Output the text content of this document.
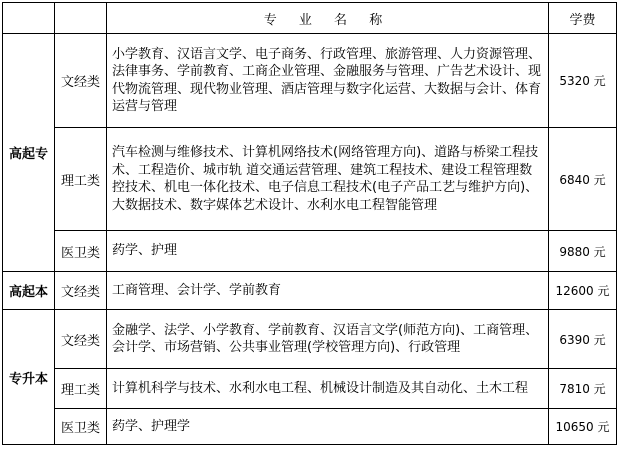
		专 业 名 称	学费
高起专	文经类	小学教育、汉语言文学、电子商务、行政管理、旅游管理、人力资源管理、法律事务、学前教育、工商企业管理、金融服务与管理、广告艺术设计、现代物流管理、现代物业管理、酒店管理与数字化运营、大数据与会计、体育运营与管理	5320 元
	理工类	汽车检测与维修技术、计算机网络技术(网络管理方向)、道路与桥梁工程技术、工程造价、城市轨 道交通运营管理、建筑工程技术、建设工程管理数控技术、机电一体化技术、电子信息工程技术(电子产品工艺与维护方向)、大数据技术、数字媒体艺术设计、水利水电工程智能管理	6840 元
	医卫类	药学、护理	9880 元
高起本	文经类	工商管理、会计学、学前教育	12600 元
专升本	文经类	金融学、法学、小学教育、学前教育、汉语言文学(师范方向)、工商管理、会计学、市场营销、公共事业管理(学校管理方向)、行政管理	6390 元
	理工类	计算机科学与技术、水利水电工程、机械设计制造及其自动化、土木工程	7810 元
	医卫类	药学、护理学	10650 元
